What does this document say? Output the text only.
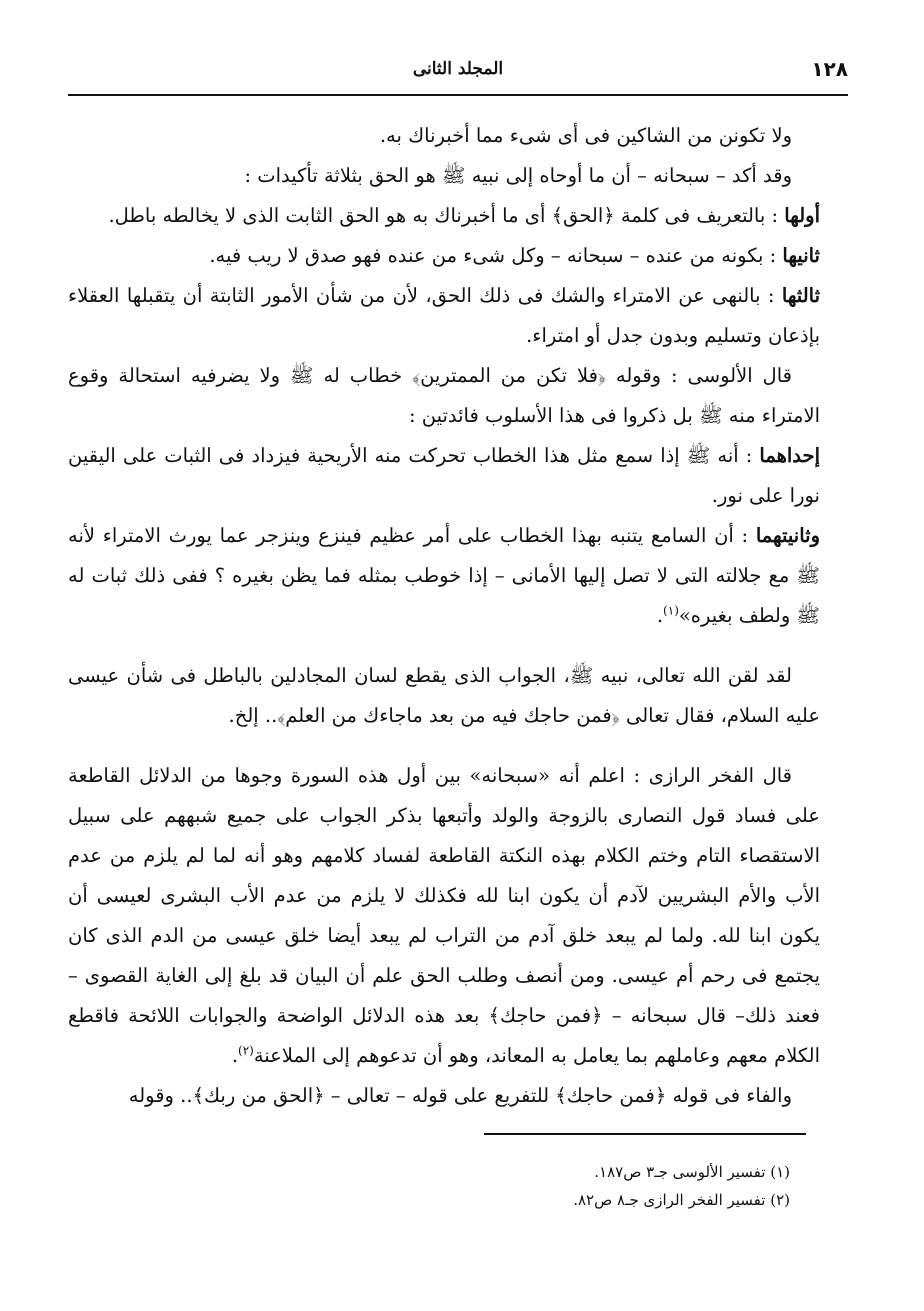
١٢٨
المجلد الثانى

ولا تكونن من الشاكين فى أى شىء مما أخبرناك به.

وقد أكد – سبحانه – أن ما أوحاه إلى نبيه ﷺ هو الحق بثلاثة تأكيدات :

أولها : بالتعريف فى كلمة ﴿الحق﴾ أى ما أخبرناك به هو الحق الثابت الذى لا يخالطه باطل.

ثانيها : بكونه من عنده – سبحانه – وكل شىء من عنده فهو صدق لا ريب فيه.

ثالثها : بالنهى عن الامتراء والشك فى ذلك الحق، لأن من شأن الأمور الثابتة أن يتقبلها العقلاء بإذعان وتسليم وبدون جدل أو امتراء.

قال الألوسى : وقوله ﴿فلا تكن من الممترين﴾ خطاب له ﷺ ولا يضرفيه استحالة وقوع الامتراء منه ﷺ بل ذكروا فى هذا الأسلوب فائدتين :

إحداهما : أنه ﷺ إذا سمع مثل هذا الخطاب تحركت منه الأريحية فيزداد فى الثبات على اليقين نورا على نور.

وثانيتهما : أن السامع يتنبه بهذا الخطاب على أمر عظيم فينزع وينزجر عما يورث الامتراء لأنه ﷺ مع جلالته التى لا تصل إليها الأمانى – إذا خوطب بمثله فما يظن بغيره ؟ ففى ذلك ثبات له ﷺ ولطف بغيره»$^{(١)}$.

لقد لقن الله تعالى، نبيه ﷺ، الجواب الذى يقطع لسان المجادلين بالباطل فى شأن عيسى عليه السلام، فقال تعالى ﴿فمن حاجك فيه من بعد ماجاءك من العلم﴾.. إلخ.

قال الفخر الرازى : اعلم أنه «سبحانه» بين أول هذه السورة وجوها من الدلائل القاطعة على فساد قول النصارى بالزوجة والولد وأتبعها بذكر الجواب على جميع شبههم على سبيل الاستقصاء التام وختم الكلام بهذه النكتة القاطعة لفساد كلامهم وهو أنه لما لم يلزم من عدم الأب والأم البشريين لآدم أن يكون ابنا لله فكذلك لا يلزم من عدم الأب البشرى لعيسى أن يكون ابنا لله. ولما لم يبعد خلق آدم من التراب لم يبعد أيضا خلق عيسى من الدم الذى كان يجتمع فى رحم أم عيسى. ومن أنصف وطلب الحق علم أن البيان قد بلغ إلى الغاية القصوى –فعند ذلك– قال سبحانه – ﴿فمن حاجك﴾ بعد هذه الدلائل الواضحة والجوابات اللائحة فاقطع الكلام معهم وعاملهم بما يعامل به المعاند، وهو أن تدعوهم إلى الملاعنة$^{(٢)}$.

والفاء فى قوله ﴿فمن حاجك﴾ للتفريع على قوله – تعالى – ﴿الحق من ربك﴾.. وقوله

(١) تفسير الألوسى جـ٣ ص١٨٧.

(٢) تفسير الفخر الرازى جـ٨ ص٨٢.
